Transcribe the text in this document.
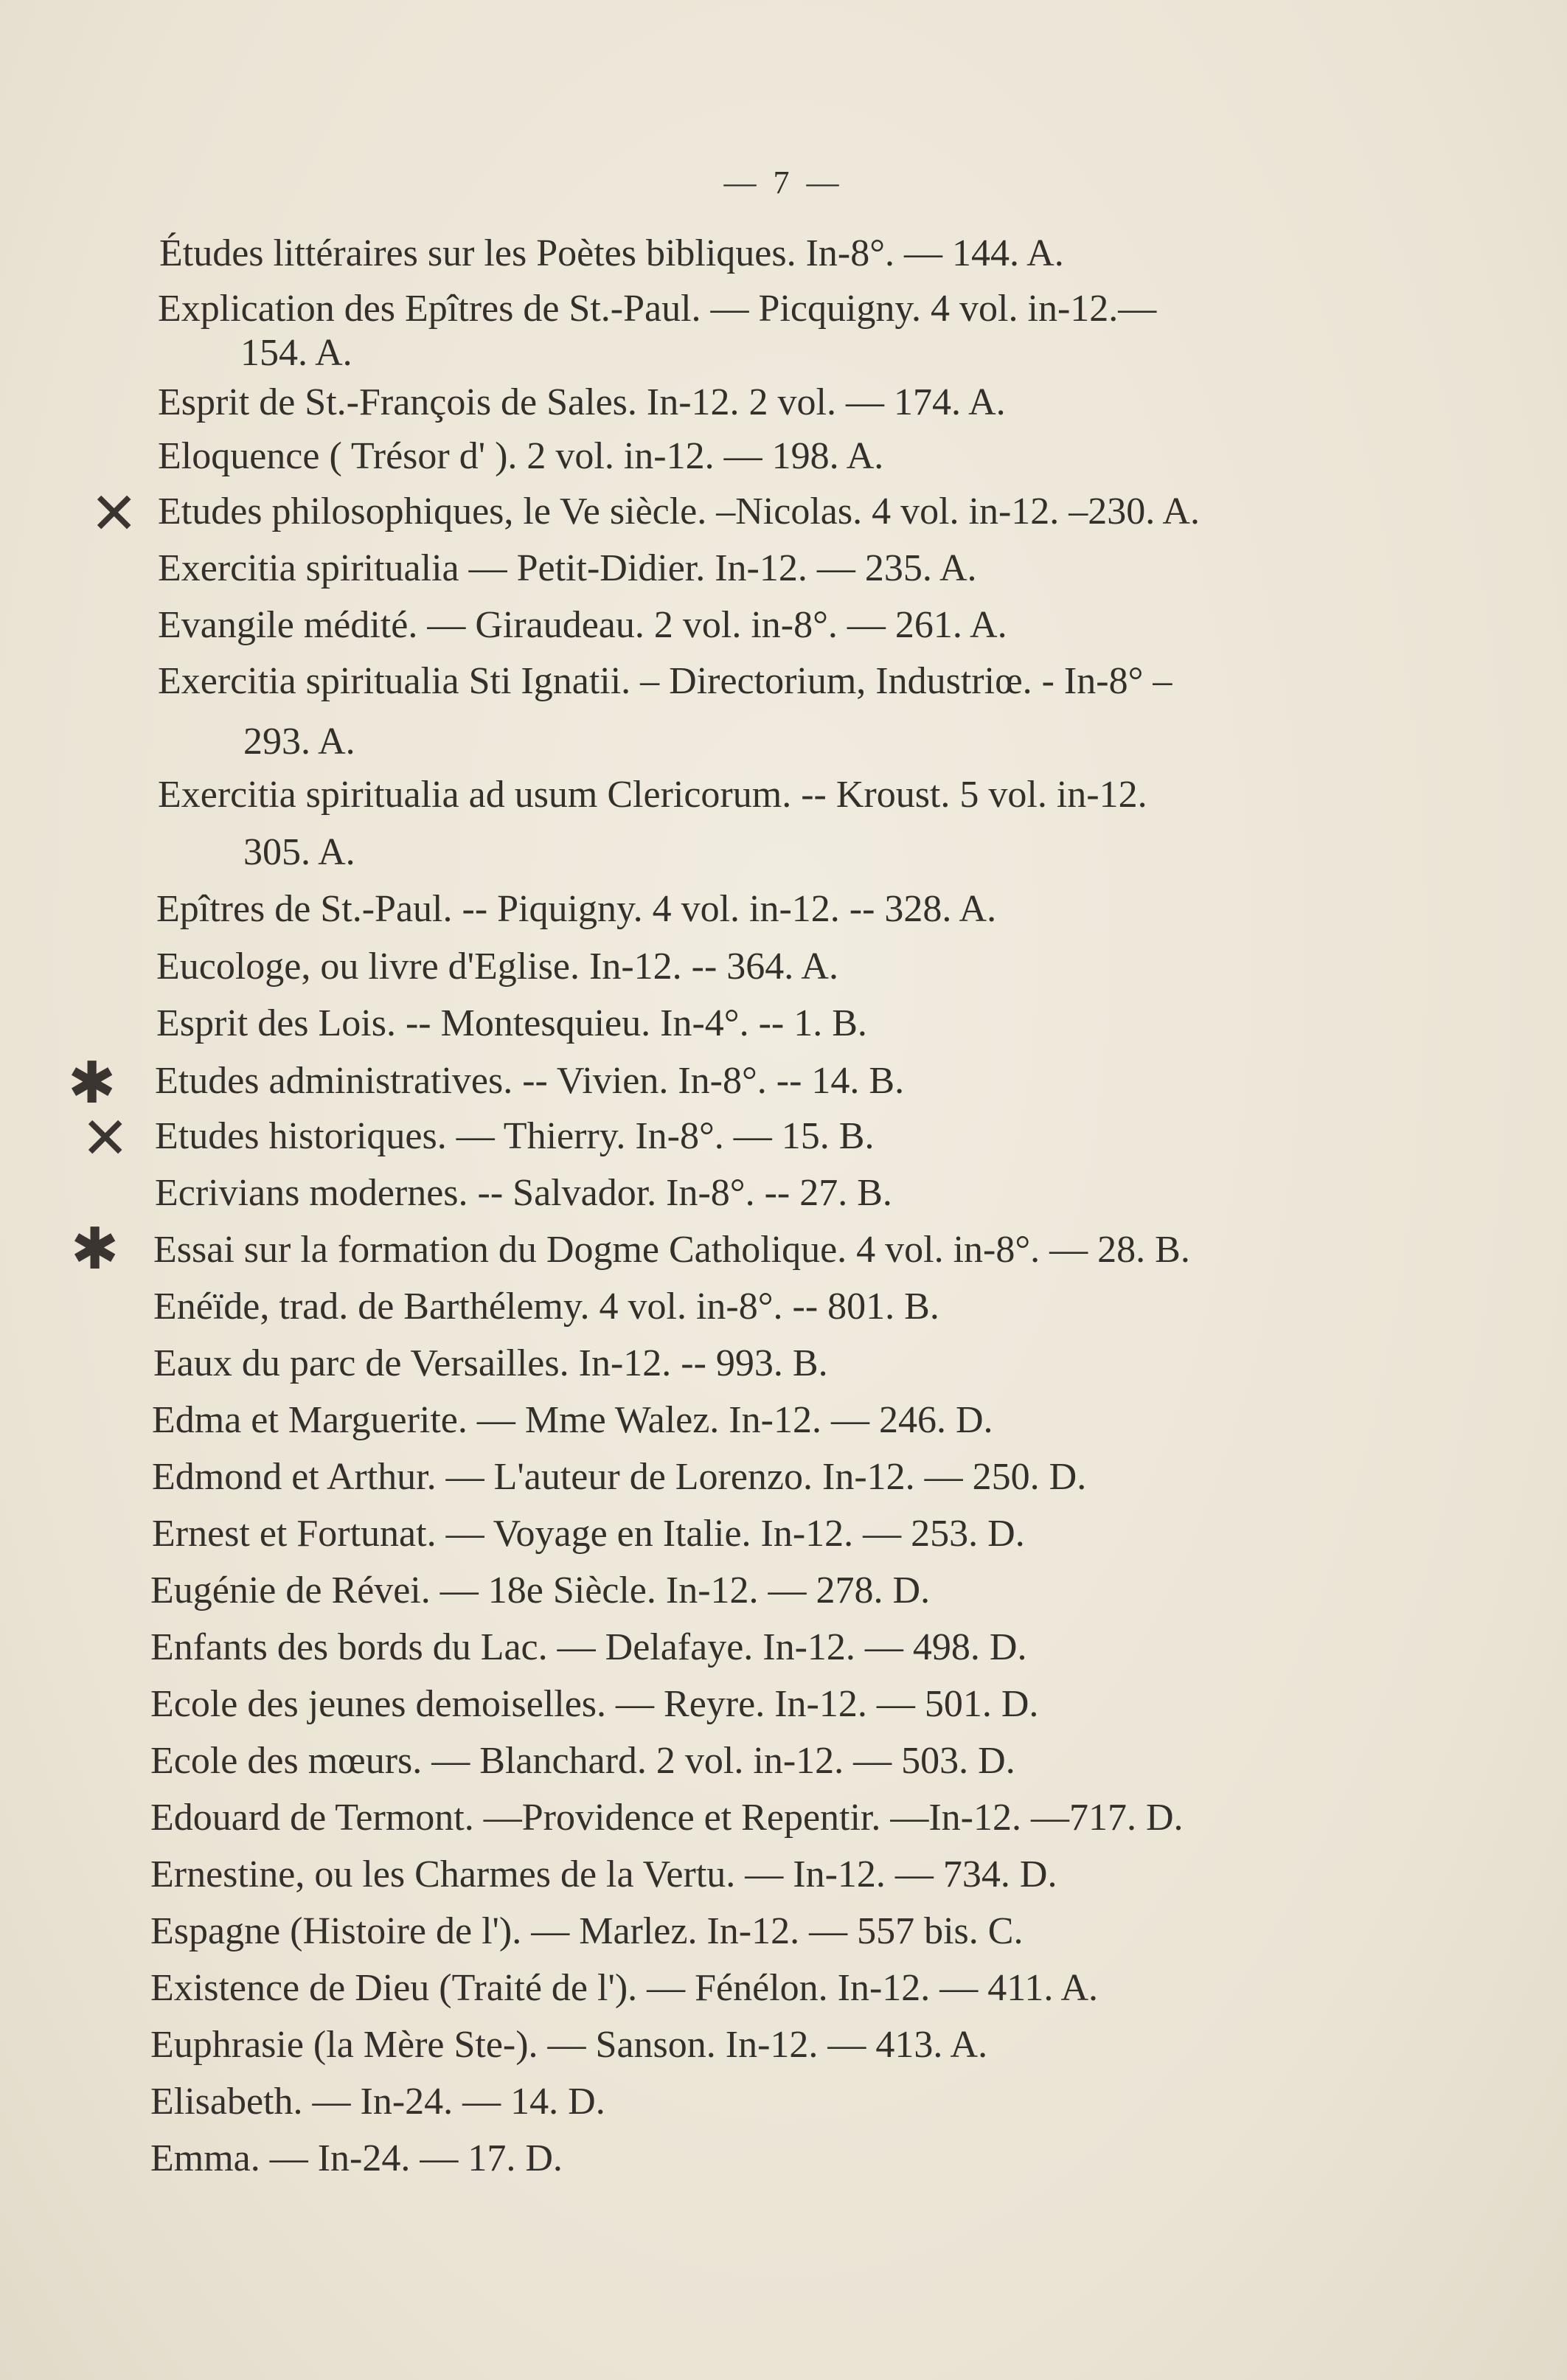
— 7 —
Études littéraires sur les Poètes bibliques. In-8°. — 144. A.
Explication des Epîtres de St.-Paul. — Picquigny. 4 vol. in-12.—
154. A.
Esprit de St.-François de Sales. In-12. 2 vol. — 174. A.
Eloquence ( Trésor d' ). 2 vol. in-12. — 198. A.
Etudes philosophiques, le Ve siècle. –Nicolas. 4 vol. in-12. –230. A.
Exercitia spiritualia — Petit-Didier. In-12. — 235. A.
Evangile médité. — Giraudeau. 2 vol. in-8°. — 261. A.
Exercitia spiritualia Sti Ignatii. – Directorium, Industriœ. - In-8° –
293. A.
Exercitia spiritualia ad usum Clericorum. -- Kroust. 5 vol. in-12.
305. A.
Epîtres de St.-Paul. -- Piquigny. 4 vol. in-12. -- 328. A.
Eucologe, ou livre d'Eglise. In-12. -- 364. A.
Esprit des Lois. -- Montesquieu. In-4°. -- 1. B.
Etudes administratives. -- Vivien. In-8°. -- 14. B.
Etudes historiques. — Thierry. In-8°. — 15. B.
Ecrivians modernes. -- Salvador. In-8°. -- 27. B.
Essai sur la formation du Dogme Catholique. 4 vol. in-8°. — 28. B.
Enéïde, trad. de Barthélemy. 4 vol. in-8°. -- 801. B.
Eaux du parc de Versailles. In-12. -- 993. B.
Edma et Marguerite. — Mme Walez. In-12. — 246. D.
Edmond et Arthur. — L'auteur de Lorenzo. In-12. — 250. D.
Ernest et Fortunat. — Voyage en Italie. In-12. — 253. D.
Eugénie de Révei. — 18e Siècle. In-12. — 278. D.
Enfants des bords du Lac. — Delafaye. In-12. — 498. D.
Ecole des jeunes demoiselles. — Reyre. In-12. — 501. D.
Ecole des mœurs. — Blanchard. 2 vol. in-12. — 503. D.
Edouard de Termont. —Providence et Repentir. —In-12. —717. D.
Ernestine, ou les Charmes de la Vertu. — In-12. — 734. D.
Espagne (Histoire de l'). — Marlez. In-12. — 557 bis. C.
Existence de Dieu (Traité de l'). — Fénélon. In-12. — 411. A.
Euphrasie (la Mère Ste-). — Sanson. In-12. — 413. A.
Elisabeth. — In-24. — 14. D.
Emma. — In-24. — 17. D.
✕
✱
✕
✱
